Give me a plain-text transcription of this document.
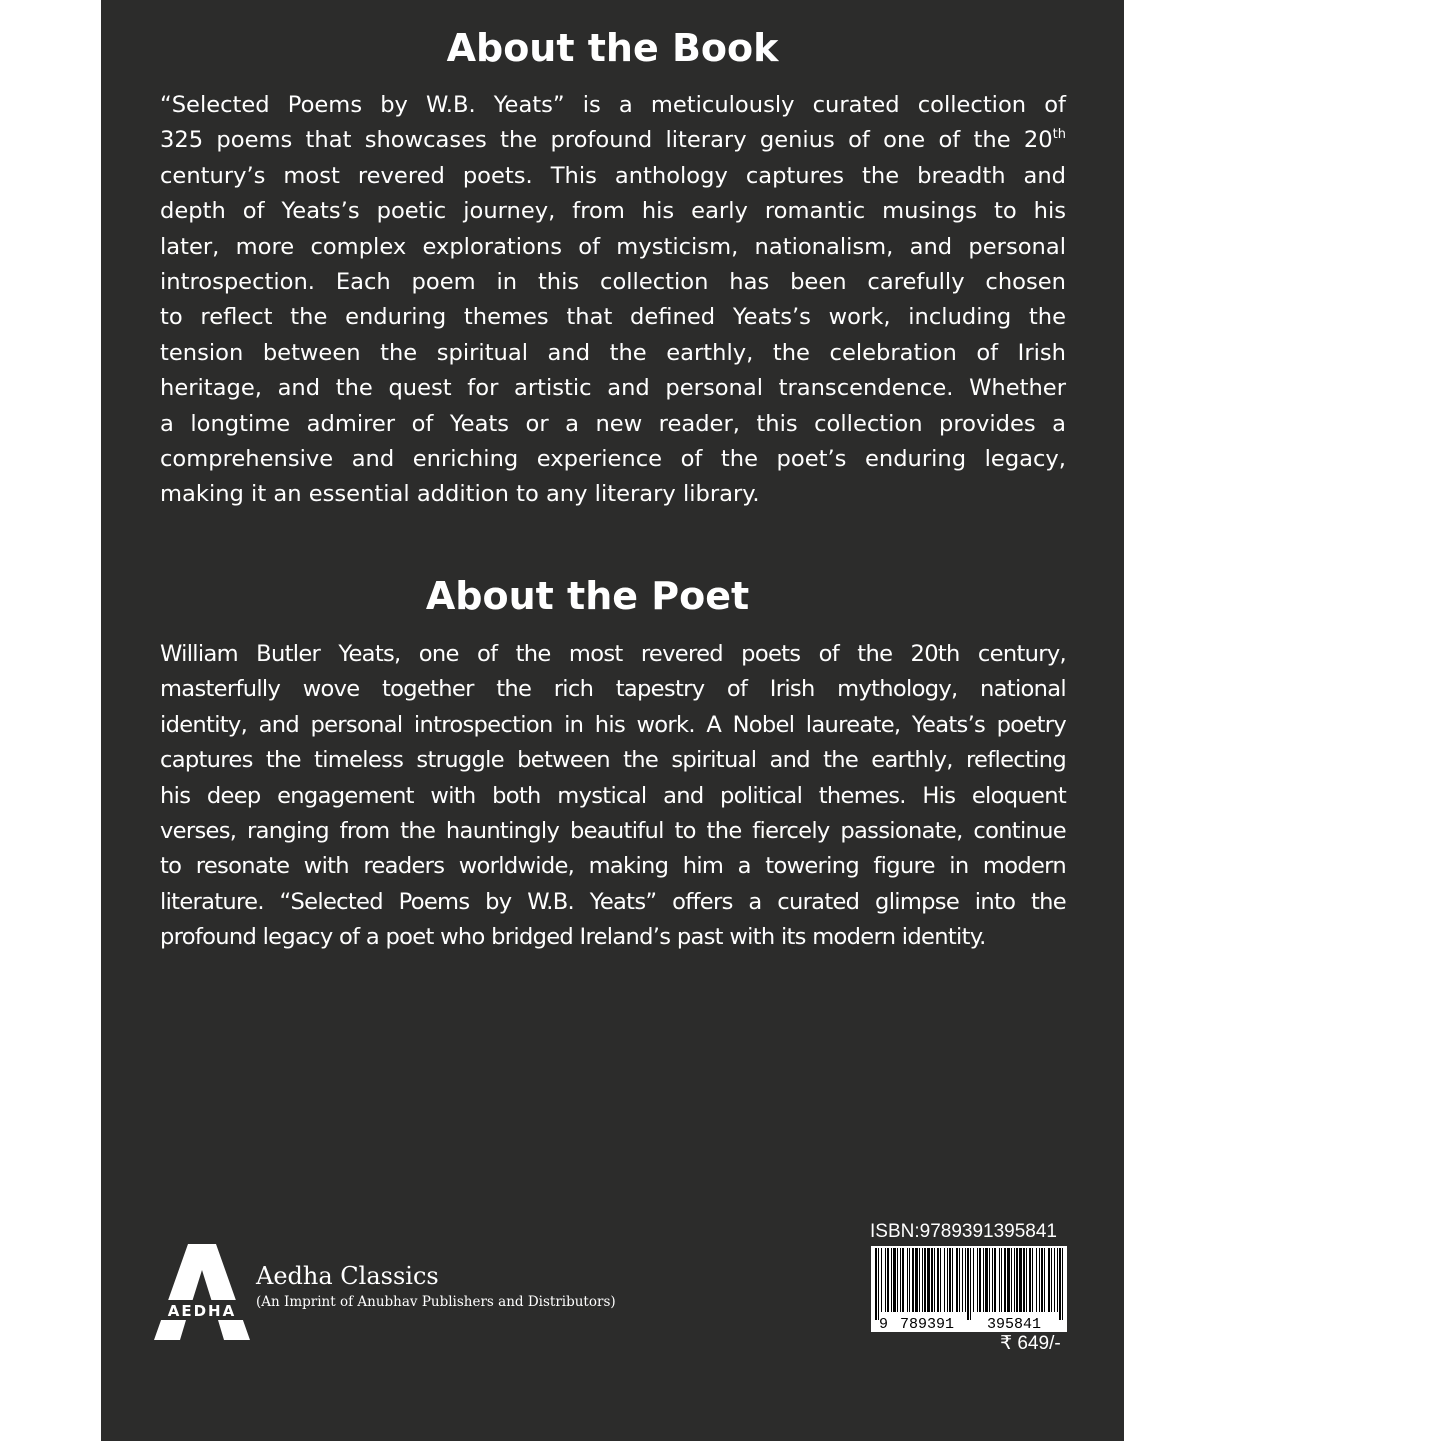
About the Book
“Selected Poems by W.B. Yeats” is a meticulously curated collection of
325 poems that showcases the profound literary genius of one of the 20th
century’s most revered poets. This anthology captures the breadth and
depth of Yeats’s poetic journey, from his early romantic musings to his
later, more complex explorations of mysticism, nationalism, and personal
introspection. Each poem in this collection has been carefully chosen
to reflect the enduring themes that defined Yeats’s work, including the
tension between the spiritual and the earthly, the celebration of Irish
heritage, and the quest for artistic and personal transcendence. Whether
a longtime admirer of Yeats or a new reader, this collection provides a
comprehensive and enriching experience of the poet’s enduring legacy,
making it an essential addition to any literary library.
About the Poet
William Butler Yeats, one of the most revered poets of the 20th century,
masterfully wove together the rich tapestry of Irish mythology, national
identity, and personal introspection in his work. A Nobel laureate, Yeats’s poetry
captures the timeless struggle between the spiritual and the earthly, reflecting
his deep engagement with both mystical and political themes. His eloquent
verses, ranging from the hauntingly beautiful to the fiercely passionate, continue
to resonate with readers worldwide, making him a towering figure in modern
literature. “Selected Poems by W.B. Yeats” offers a curated glimpse into the
profound legacy of a poet who bridged Ireland’s past with its modern identity.
AEDHA
Aedha Classics
(An Imprint of Anubhav Publishers and Distributors)
ISBN:9789391395841
9 789391 395841
₹ 649/-
